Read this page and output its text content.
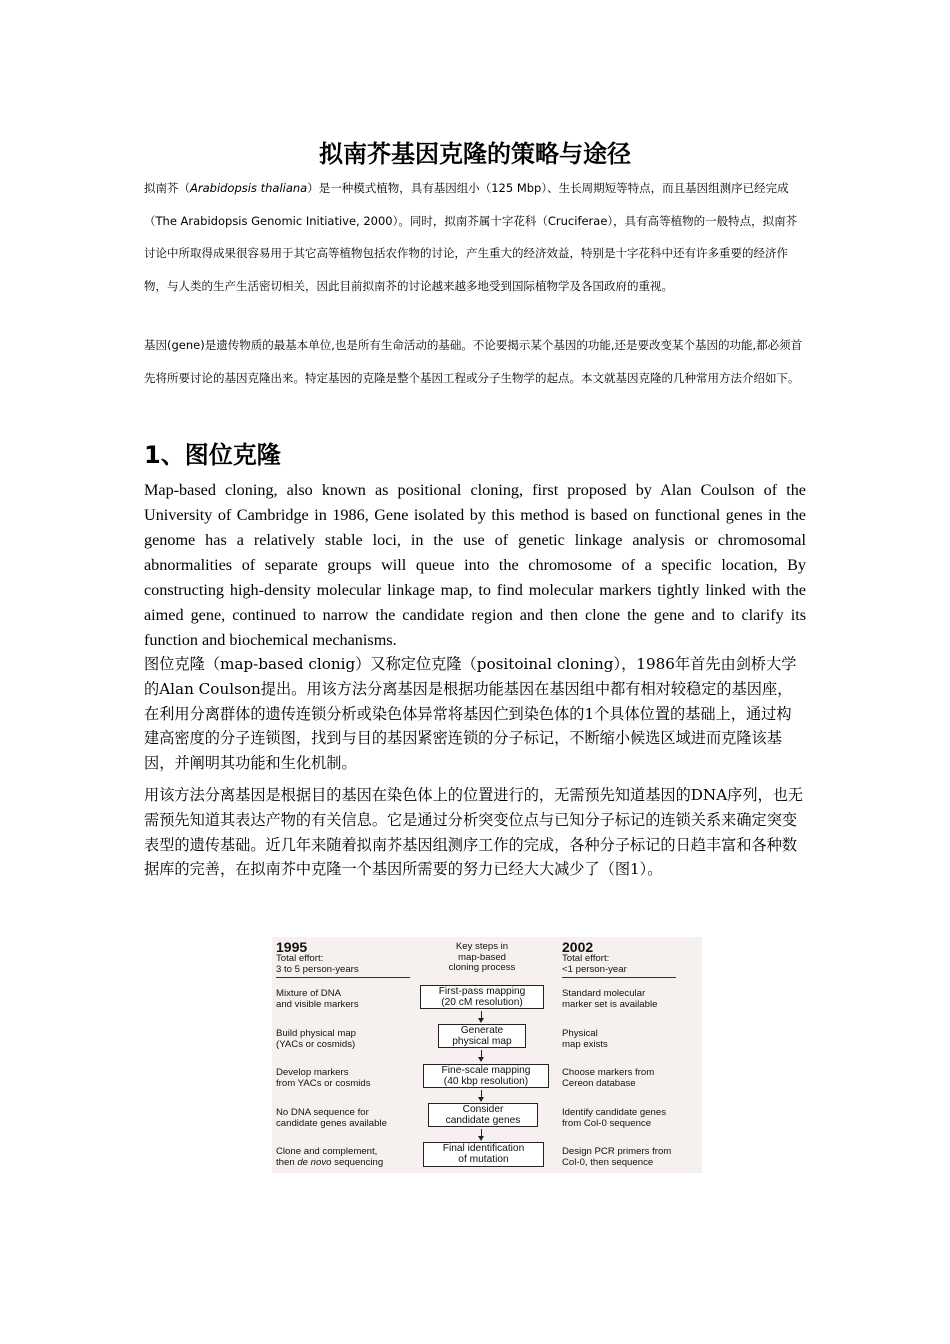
拟南芥基因克隆的策略与途径
拟南芥（Arabidopsis thaliana）是一种模式植物，具有基因组小（125 Mbp）、生长周期短等特点，而且基因组测序已经完成（The Arabidopsis Genomic Initiative, 2000）。同时，拟南芥属十字花科（Cruciferae），具有高等植物的一般特点，拟南芥讨论中所取得成果很容易用于其它高等植物包括农作物的讨论，产生重大的经济效益，特别是十字花科中还有许多重要的经济作物，与人类的生产生活密切相关，因此目前拟南芥的讨论越来越多地受到国际植物学及各国政府的重视。
基因(gene)是遗传物质的最基本单位,也是所有生命活动的基础。不论要揭示某个基因的功能,还是要改变某个基因的功能,都必须首先将所要讨论的基因克隆出来。特定基因的克隆是整个基因工程或分子生物学的起点。本文就基因克隆的几种常用方法介绍如下。
1、图位克隆
Map-based cloning, also known as positional cloning, first proposed by Alan Coulson of the University of Cambridge in 1986, Gene isolated by this method is based on functional genes in the genome has a relatively stable loci, in the use of genetic linkage analysis or chromosomal abnormalities of separate groups will queue into the chromosome of a specific location, By constructing high-density molecular linkage map, to find molecular markers tightly linked with the aimed gene, continued to narrow the candidate region and then clone the gene and to clarify its function and biochemical mechanisms.
图位克隆（map-based clonig）又称定位克隆（positoinal cloning），1986年首先由剑桥大学的Alan Coulson提出。用该方法分离基因是根据功能基因在基因组中都有相对较稳定的基因座，在利用分离群体的遗传连锁分析或染色体异常将基因伫到染色体的1个具体位置的基础上，通过构建高密度的分子连锁图，找到与目的基因紧密连锁的分子标记，不断缩小候选区域进而克隆该基因，并阐明其功能和生化机制。
用该方法分离基因是根据目的基因在染色体上的位置进行的，无需预先知道基因的DNA序列，也无需预先知道其表达产物的有关信息。它是通过分析突变位点与已知分子标记的连锁关系来确定突变表型的遗传基础。近几年来随着拟南芥基因组测序工作的完成，各种分子标记的日趋丰富和各种数据库的完善，在拟南芥中克隆一个基因所需要的努力已经大大减少了（图1）。
1995
Total effort:
3 to 5 person-years
Key steps in
map-based
cloning process
2002
Total effort:
<1 person-year
Mixture of DNA
and visible markers
First-pass mapping
(20 cM resolution)
Standard molecular
marker set is available
Build physical map
(YACs or cosmids)
Generate
physical map
Physical
map exists
Develop markers
from YACs or cosmids
Fine-scale mapping
(40 kbp resolution)
Choose markers from
Cereon database
No DNA sequence for
candidate genes available
Consider
candidate genes
Identify candidate genes
from Col-0 sequence
Clone and complement,
then de novo sequencing
Final identification
of mutation
Design PCR primers from
Col-0, then sequence
